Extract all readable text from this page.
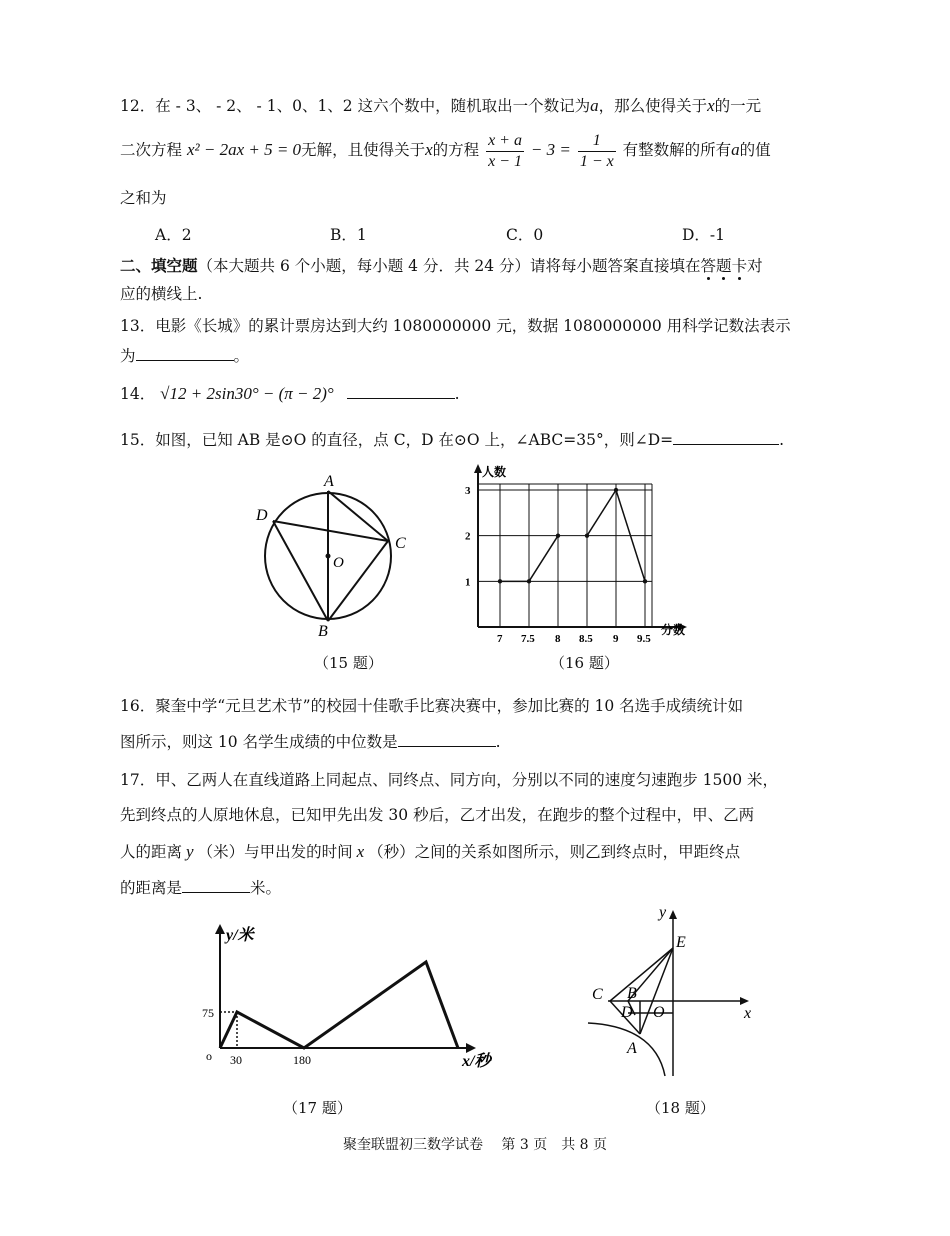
12．在 - 3、 - 2、 - 1、0、1、2 这六个数中，随机取出一个数记为a，那么使得关于x的一元
二次方程 x² − 2ax + 5 = 0无解，且使得关于x的方程 $\frac{x + a}{x - 1} - 3 = \frac{1}{1 - x}$ 有整数解的所有a的值
之和为
A．2	B．1	C．0	D．-1
二、填空题（本大题共 6 个小题，每小题 4 分．共 24 分）请将每小题答案直接填在答题卡对
应的横线上.
13．电影《长城》的累计票房达到大约 1080000000 元，数据 1080000000 用科学记数法表示
为	。
14． √12 + 2sin30° − (π − 2)°	.
15．如图，已知 AB 是⊙O 的直径，点 C，D 在⊙O 上，∠ABC=35°，则∠D=	.
A
B
C
D
O
（15 题）
人数
分数
1
2
3
7 7.5 8 8.5 9 9.5
（16 题）
16．聚奎中学“元旦艺术节”的校园十佳歌手比赛决赛中，参加比赛的 10 名选手成绩统计如
图所示，则这 10 名学生成绩的中位数是	.
17．甲、乙两人在直线道路上同起点、同终点、同方向，分别以不同的速度匀速跑步 1500 米，
先到终点的人原地休息，已知甲先出发 30 秒后，乙才出发，在跑步的整个过程中，甲、乙两
人的距离 y （米）与甲出发的时间 x （秒）之间的关系如图所示，则乙到终点时，甲距终点
的距离是	米。
y/米
x/秒
o
75
30	180
（17 题）
y
x
E
C B
D O
A
（18 题）
聚奎联盟初三数学试卷　 第 3 页　共 8 页
